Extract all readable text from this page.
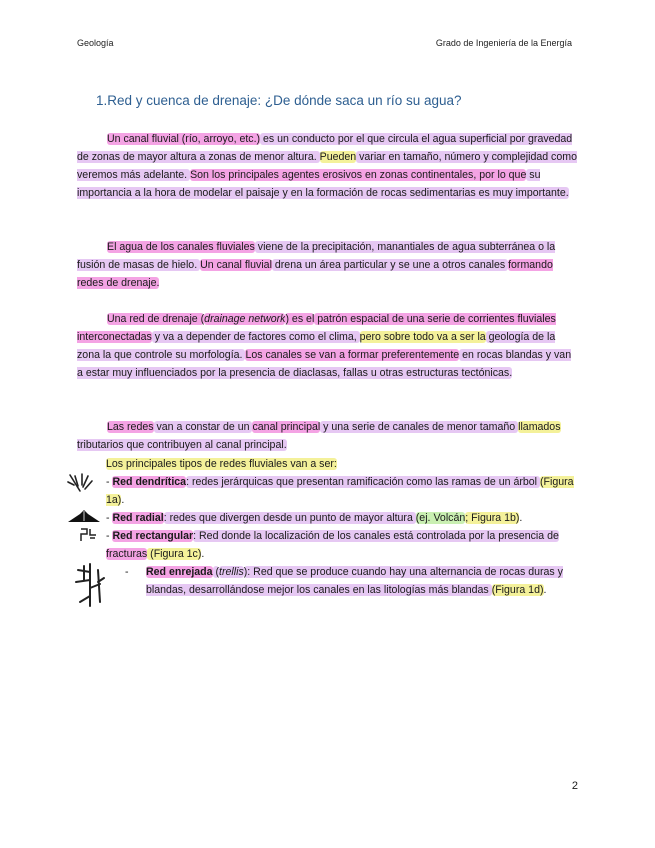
Geología	Grado de Ingeniería de la Energía
1.Red y cuenca de drenaje: ¿De dónde saca un río su agua?

Un canal fluvial (río, arroyo, etc.) es un conducto por el que circula el agua superficial por gravedad de zonas de mayor altura a zonas de menor altura. Pueden variar en tamaño, número y complejidad como veremos más adelante. Son los principales agentes erosivos en zonas continentales, por lo que su importancia a la hora de modelar el paisaje y en la formación de rocas sedimentarias es muy importante.

El agua de los canales fluviales viene de la precipitación, manantiales de agua subterránea o la fusión de masas de hielo. Un canal fluvial drena un área particular y se une a otros canales formando redes de drenaje.

Una red de drenaje (drainage network) es el patrón espacial de una serie de corrientes fluviales interconectadas y va a depender de factores como el clima, pero sobre todo va a ser la geología de la zona la que controle su morfología. Los canales se van a formar preferentemente en rocas blandas y van a estar muy influenciados por la presencia de diaclasas, fallas u otras estructuras tectónicas.

Las redes van a constar de un canal principal y una serie de canales de menor tamaño llamados tributarios que contribuyen al canal principal.

Los principales tipos de redes fluviales van a ser:

- Red dendrítica: redes jerárquicas que presentan ramificación como las ramas de un árbol (Figura 1a).

- Red radial: redes que divergen desde un punto de mayor altura (ej. Volcán; Figura 1b).

- Red rectangular: Red donde la localización de los canales está controlada por la presencia de fracturas (Figura 1c).

- Red enrejada (trellis): Red que se produce cuando hay una alternancia de rocas duras y blandas, desarrollándose mejor los canales en las litologías más blandas (Figura 1d).

2
